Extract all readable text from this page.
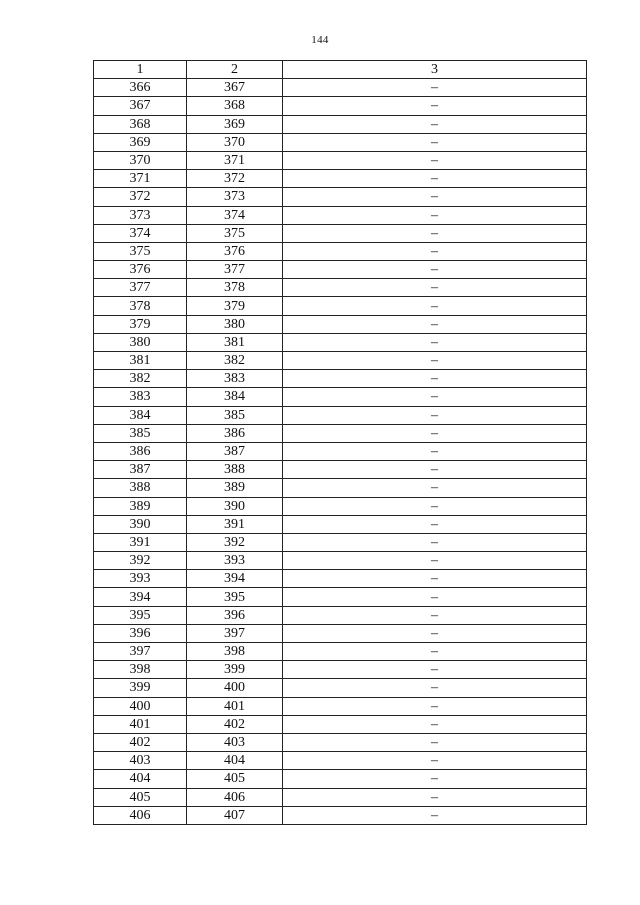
144
1	2	3
366	367	–
367	368	–
368	369	–
369	370	–
370	371	–
371	372	–
372	373	–
373	374	–
374	375	–
375	376	–
376	377	–
377	378	–
378	379	–
379	380	–
380	381	–
381	382	–
382	383	–
383	384	–
384	385	–
385	386	–
386	387	–
387	388	–
388	389	–
389	390	–
390	391	–
391	392	–
392	393	–
393	394	–
394	395	–
395	396	–
396	397	–
397	398	–
398	399	–
399	400	–
400	401	–
401	402	–
402	403	–
403	404	–
404	405	–
405	406	–
406	407	–
